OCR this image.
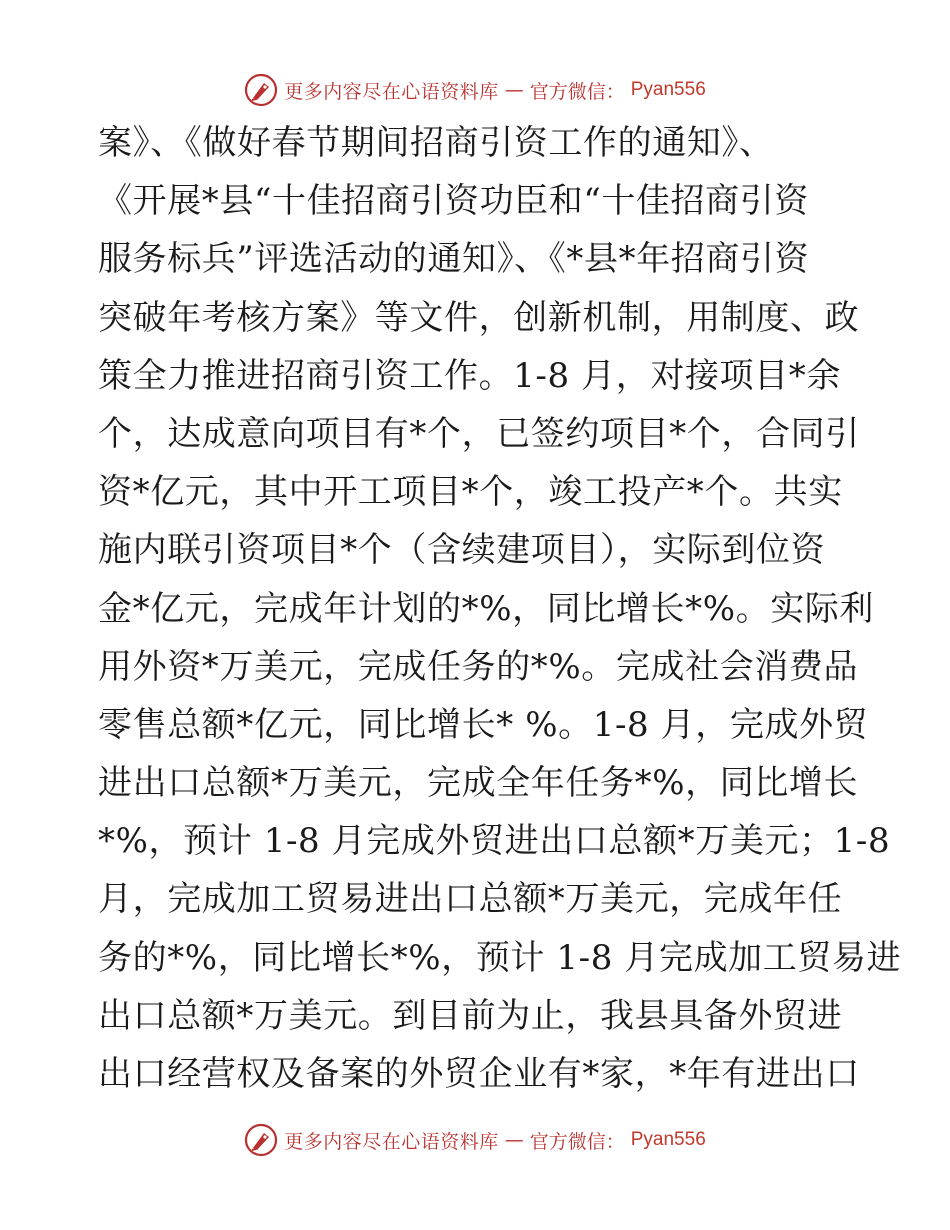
更多内容尽在心语资料库 — 官方微信： Pyan556
案》、《做好春节期间招商引资工作的通知》、
《开展*县“十佳招商引资功臣和“十佳招商引资
服务标兵”评选活动的通知》、《*县*年招商引资
突破年考核方案》等文件，创新机制，用制度、政
策全力推进招商引资工作。1-8 月，对接项目*余
个，达成意向项目有*个，已签约项目*个，合同引
资*亿元，其中开工项目*个，竣工投产*个。共实
施内联引资项目*个（含续建项目），实际到位资
金*亿元，完成年计划的*%，同比增长*%。实际利
用外资*万美元，完成任务的*%。完成社会消费品
零售总额*亿元，同比增长* %。1-8 月，完成外贸
进出口总额*万美元，完成全年任务*%，同比增长
*%，预计 1-8 月完成外贸进出口总额*万美元；1-8
月，完成加工贸易进出口总额*万美元，完成年任
务的*%，同比增长*%，预计 1-8 月完成加工贸易进
出口总额*万美元。到目前为止，我县具备外贸进
出口经营权及备案的外贸企业有*家，*年有进出口
更多内容尽在心语资料库 — 官方微信： Pyan556
